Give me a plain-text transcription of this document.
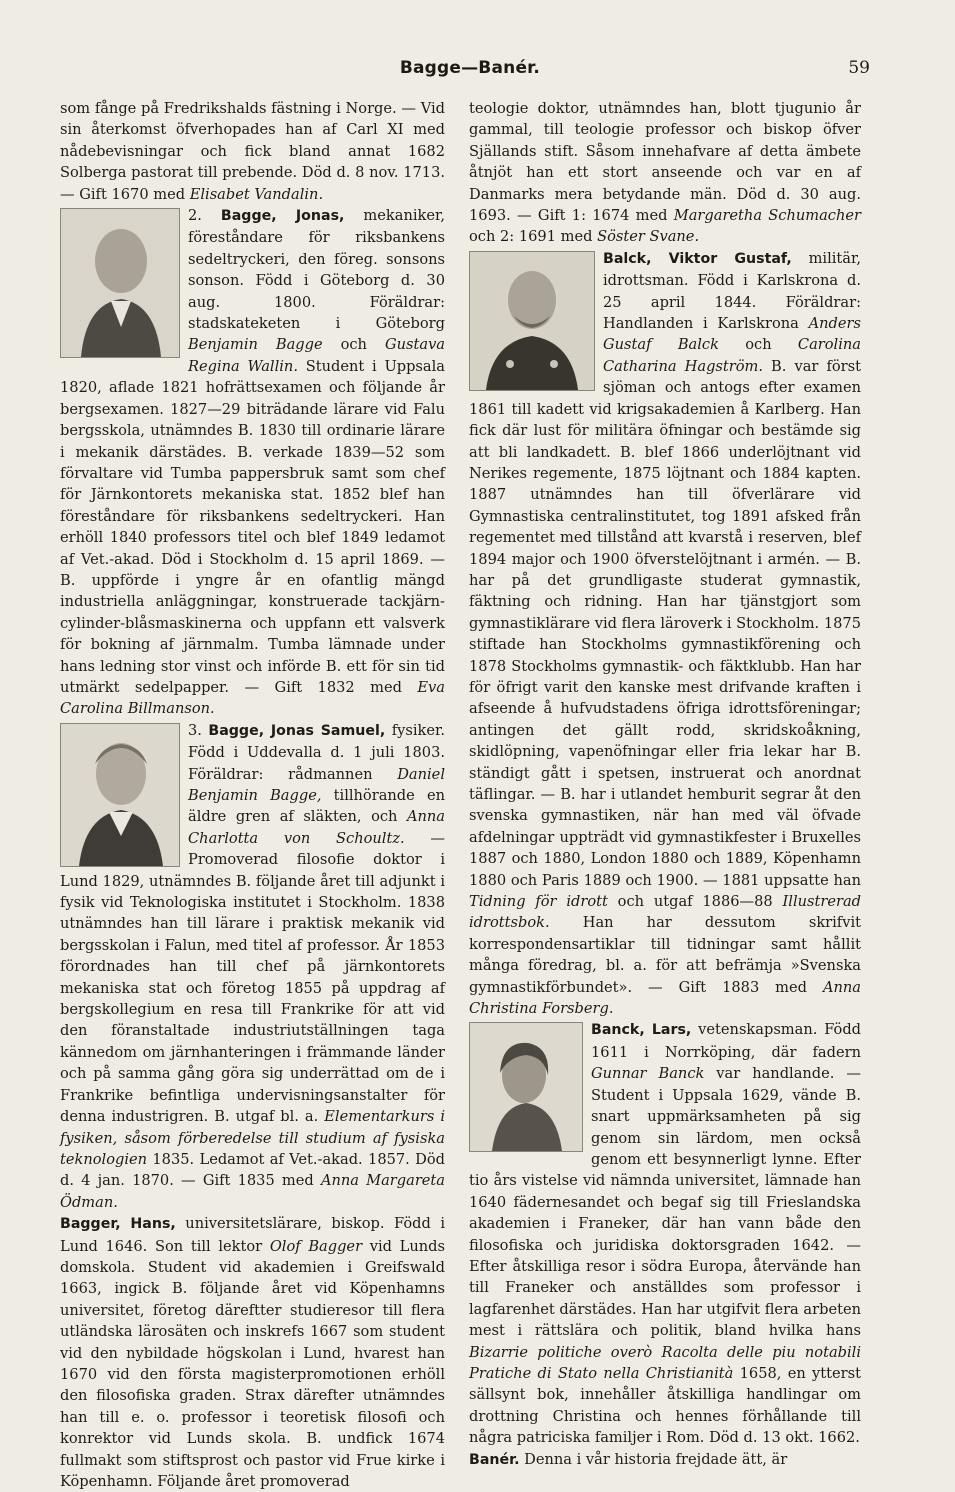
Bagge—Banér.	59

som fånge på Fredrikshalds fästning i Norge. — Vid sin återkomst öfverhopades han af Carl XI med nådebevisningar och fick bland annat 1682 Solberga pastorat till prebende. Död d. 8 nov. 1713. — Gift 1670 med Elisabet Vandalin.

2. Bagge, Jonas,
mekaniker, föreståndare för riksbankens sedeltryckeri, den föreg. sonsons sonson. Född i Göteborg d. 30 aug. 1800. Föräldrar: stadskateketen i Göteborg Benjamin Bagge och Gustava Regina Wallin. Student i Uppsala 1820, aflade 1821 hofrättsexamen och följande år bergsexamen. 1827—29 biträdande lärare vid Falu bergsskola, utnämndes B. 1830 till ordinarie lärare i mekanik därstädes. B. verkade 1839—52 som förvaltare vid Tumba pappersbruk samt som chef för Järnkontorets mekaniska stat. 1852 blef han föreståndare för riksbankens sedeltryckeri. Han erhöll 1840 professors titel och blef 1849 ledamot af Vet.-akad. Död i Stockholm d. 15 april 1869. — B. uppförde i yngre år en ofantlig mängd industriella anläggningar, konstruerade tackjärn-cylinder-blåsmaskinerna och uppfann ett valsverk för bokning af järnmalm. Tumba lämnade under hans ledning stor vinst och införde B. ett för sin tid utmärkt sedelpapper. — Gift 1832 med Eva Carolina Billmanson.

3. Bagge, Jonas Samuel,
fysiker. Född i Uddevalla d. 1 juli 1803. Föräldrar: rådmannen Daniel Benjamin Bagge, tillhörande en äldre gren af släkten, och Anna Charlotta von Schoultz. — Promoverad filosofie doktor i Lund 1829, utnämndes B. följande året till adjunkt i fysik vid Teknologiska institutet i Stockholm. 1838 utnämndes han till lärare i praktisk mekanik vid bergsskolan i Falun, med titel af professor. År 1853 förordnades han till chef på järnkontorets mekaniska stat och företog 1855 på uppdrag af bergskollegium en resa till Frankrike för att vid den föranstaltade industriutställningen taga kännedom om järnhanteringen i främmande länder och på samma gång göra sig underrättad om de i Frankrike befintliga undervisningsanstalter för denna industrigren. B. utgaf bl. a. Elementarkurs i fysiken, såsom förberedelse till studium af fysiska teknologien 1835. Ledamot af Vet.-akad. 1857. Död d. 4 jan. 1870. — Gift 1835 med Anna Margareta Ödman.

Bagger, Hans, universitetslärare, biskop. Född i Lund 1646. Son till lektor Olof Bagger vid Lunds domskola. Student vid akademien i Greifswald 1663, ingick B. följande året vid Köpenhamns universitet, företog däreftter studieresor till flera utländska lärosäten och inskrefs 1667 som student vid den nybildade högskolan i Lund, hvarest han 1670 vid den första magisterpromotionen erhöll den filosofiska graden. Strax därefter utnämndes han till e. o. professor i teoretisk filosofi och konrektor vid Lunds skola. B. undfick 1674 fullmakt som stiftsprost och pastor vid Frue kirke i Köpenhamn. Följande året promoverad

teologie doktor, utnämndes han, blott tjugunio år gammal, till teologie professor och biskop öfver Själlands stift. Såsom innehafvare af detta ämbete åtnjöt han ett stort anseende och var en af Danmarks mera betydande män. Död d. 30 aug. 1693. — Gift 1: 1674 med Margaretha Schumacher och 2: 1691 med Söster Svane.

Balck, Viktor Gustaf,
militär, idrottsman. Född i Karlskrona d. 25 april 1844. Föräldrar: Handlanden i Karlskrona Anders Gustaf Balck och Carolina Catharina Hagström. B. var först sjöman och antogs efter examen 1861 till kadett vid krigsakademien å Karlberg. Han fick där lust för militära öfningar och bestämde sig att bli landkadett. B. blef 1866 underlöjtnant vid Nerikes regemente, 1875 löjtnant och 1884 kapten. 1887 utnämndes han till öfverlärare vid Gymnastiska centralinstitutet, tog 1891 afsked från regementet med tillstånd att kvarstå i reserven, blef 1894 major och 1900 öfverstelöjtnant i armén. — B. har på det grundligaste studerat gymnastik, fäktning och ridning. Han har tjänstgjort som gymnastiklärare vid flera läroverk i Stockholm. 1875 stiftade han Stockholms gymnastikförening och 1878 Stockholms gymnastik- och fäktklubb. Han har för öfrigt varit den kanske mest drifvande kraften i afseende å hufvudstadens öfriga idrottsföreningar; antingen det gällt rodd, skridskoåkning, skidlöpning, vapenöfningar eller fria lekar har B. ständigt gått i spetsen, instruerat och anordnat täflingar. — B. har i utlandet hemburit segrar åt den svenska gymnastiken, när han med väl öfvade afdelningar uppträdt vid gymnastikfester i Bruxelles 1887 och 1880, London 1880 och 1889, Köpenhamn 1880 och Paris 1889 och 1900. — 1881 uppsatte han Tidning för idrott och utgaf 1886—88 Illustrerad idrottsbok. Han har dessutom skrifvit korrespondensartiklar till tidningar samt hållit många föredrag, bl. a. för att befrämja »Svenska gymnastikförbundet». — Gift 1883 med Anna Christina Forsberg.

Banck, Lars,
vetenskapsman. Född 1611 i Norrköping, där fadern Gunnar Banck var handlande. — Student i Uppsala 1629, vände B. snart uppmärksamheten på sig genom sin lärdom, men också genom ett besynnerligt lynne. Efter tio års vistelse vid nämnda universitet, lämnade han 1640 fädernesandet och begaf sig till Frieslandska akademien i Franeker, där han vann både den filosofiska och juridiska doktorsgraden 1642. — Efter åtskilliga resor i södra Europa, återvände han till Franeker och anställdes som professor i lagfarenhet därstädes. Han har utgifvit flera arbeten mest i rättslära och politik, bland hvilka hans Bizarrie politiche overò Racolta delle piu notabili Pratiche di Stato nella Christianità 1658, en ytterst sällsynt bok, innehåller åtskilliga handlingar om drottning Christina och hennes förhållande till några patriciska familjer i Rom. Död d. 13 okt. 1662.

Banér. Denna i vår historia frejdade ätt, är
